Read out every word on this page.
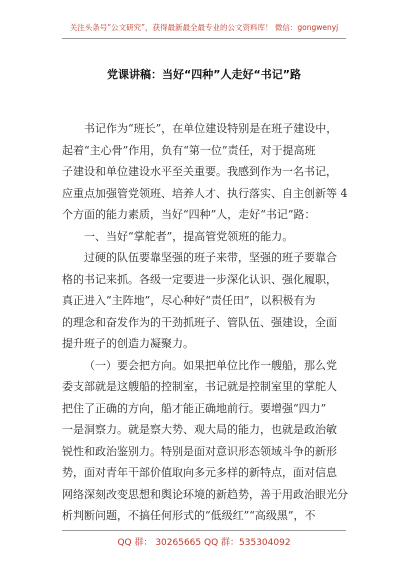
关注头条号“公文研究”，获得最新最全最专业的公文资料库！ 微信：gongwenyj
党课讲稿：当好“四种”人走好“书记”路
书记作为“班长”，在单位建设特别是在班子建设中，
起着“主心骨”作用，负有“第一位”责任，对于提高班
子建设和单位建设水平至关重要。我感到作为一名书记，
应重点加强管党领班、培养人才、执行落实、自主创新等 4
个方面的能力素质，当好“四种”人，走好“书记”路：
一、当好“掌舵者”，提高管党领班的能力。
过硬的队伍要靠坚强的班子来带，坚强的班子要靠合
格的书记来抓。各级一定要进一步深化认识、强化履职，
真正进入“主阵地”，尽心种好“责任田”，以积极有为
的理念和奋发作为的干劲抓班子、管队伍、强建设，全面
提升班子的创造力凝聚力。
（一）要会把方向。如果把单位比作一艘船，那么党
委支部就是这艘船的控制室，书记就是控制室里的掌舵人
把住了正确的方向，船才能正确地前行。要增强“四力”
一是洞察力。就是察大势、观大局的能力，也就是政治敏
锐性和政治鉴别力。特别是面对意识形态领域斗争的新形
势，面对青年干部价值取向多元多样的新特点，面对信息
网络深刻改变思想和舆论环境的新趋势，善于用政治眼光分
析判断问题，不搞任何形式的“低级红”“高级黑”，不
QQ 群： 30265665 QQ 群：535304092
